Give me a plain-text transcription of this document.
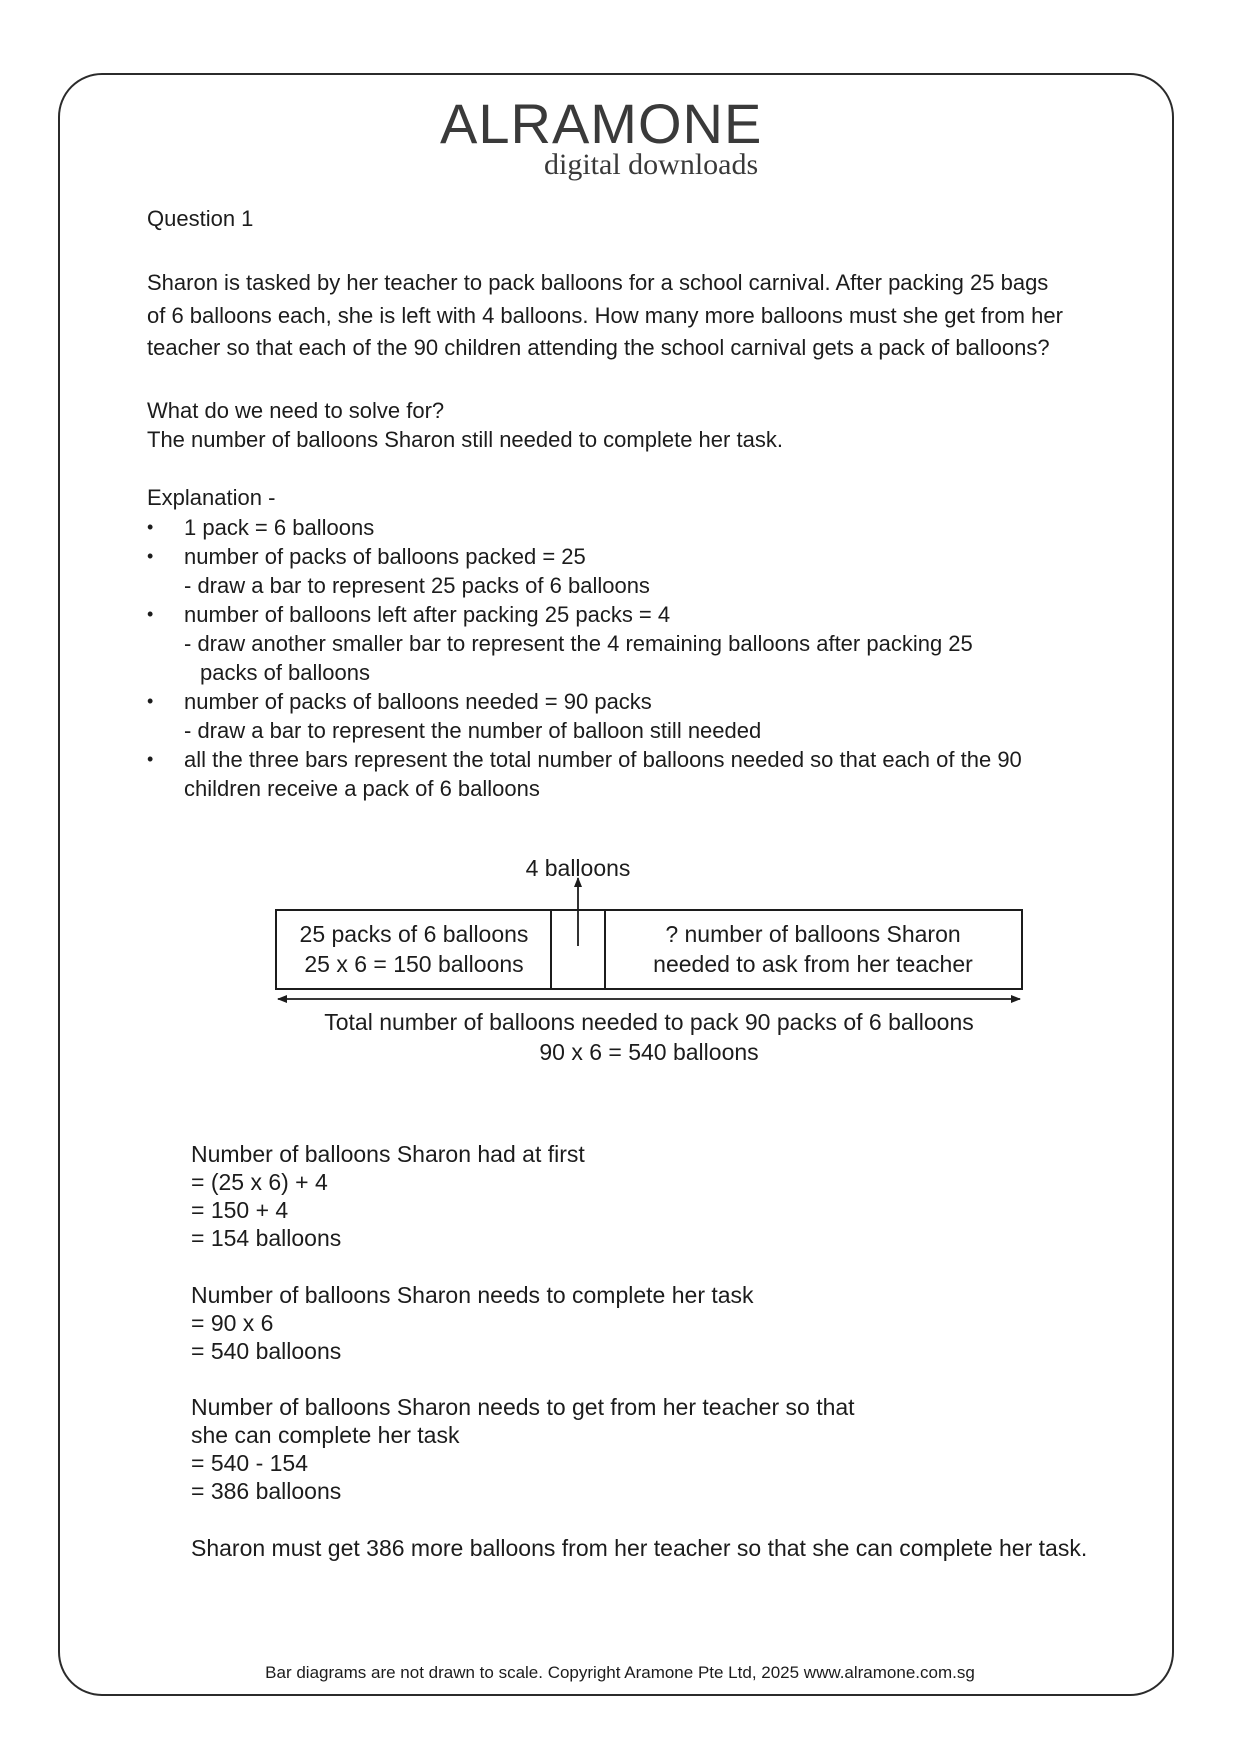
ALRAMONE
digital downloads
Question 1

Sharon is tasked by her teacher to pack balloons for a school carnival. After packing 25 bags

of 6 balloons each, she is left with 4 balloons. How many more balloons must she get from her

teacher so that each of the 90 children attending the school carnival gets a pack of balloons?

What do we need to solve for?
The number of balloons Sharon still needed to complete her task.
Explanation -
• 1 pack = 6 balloons
• number of packs of balloons packed = 25
- draw a bar to represent 25 packs of 6 balloons
• number of balloons left after packing 25 packs = 4
- draw another smaller bar to represent the 4 remaining balloons after packing 25
packs of balloons
• number of packs of balloons needed = 90 packs
- draw a bar to represent the number of balloon still needed
• all the three bars represent the total number of balloons needed so that each of the 90
children receive a pack of 6 balloons
4 balloons
25 packs of 6 balloons
25 x 6 = 150 balloons
? number of balloons Sharon
needed to ask from her teacher
Total number of balloons needed to pack 90 packs of 6 balloons
90 x 6 = 540 balloons
Number of balloons Sharon had at first
= (25 x 6) + 4
= 150 + 4
= 154 balloons
Number of balloons Sharon needs to complete her task
= 90 x 6
= 540 balloons
Number of balloons Sharon needs to get from her teacher so that
she can complete her task
= 540 - 154
= 386 balloons
Sharon must get 386 more balloons from her teacher so that she can complete her task.
Bar diagrams are not drawn to scale. Copyright Aramone Pte Ltd, 2025 www.alramone.com.sg
